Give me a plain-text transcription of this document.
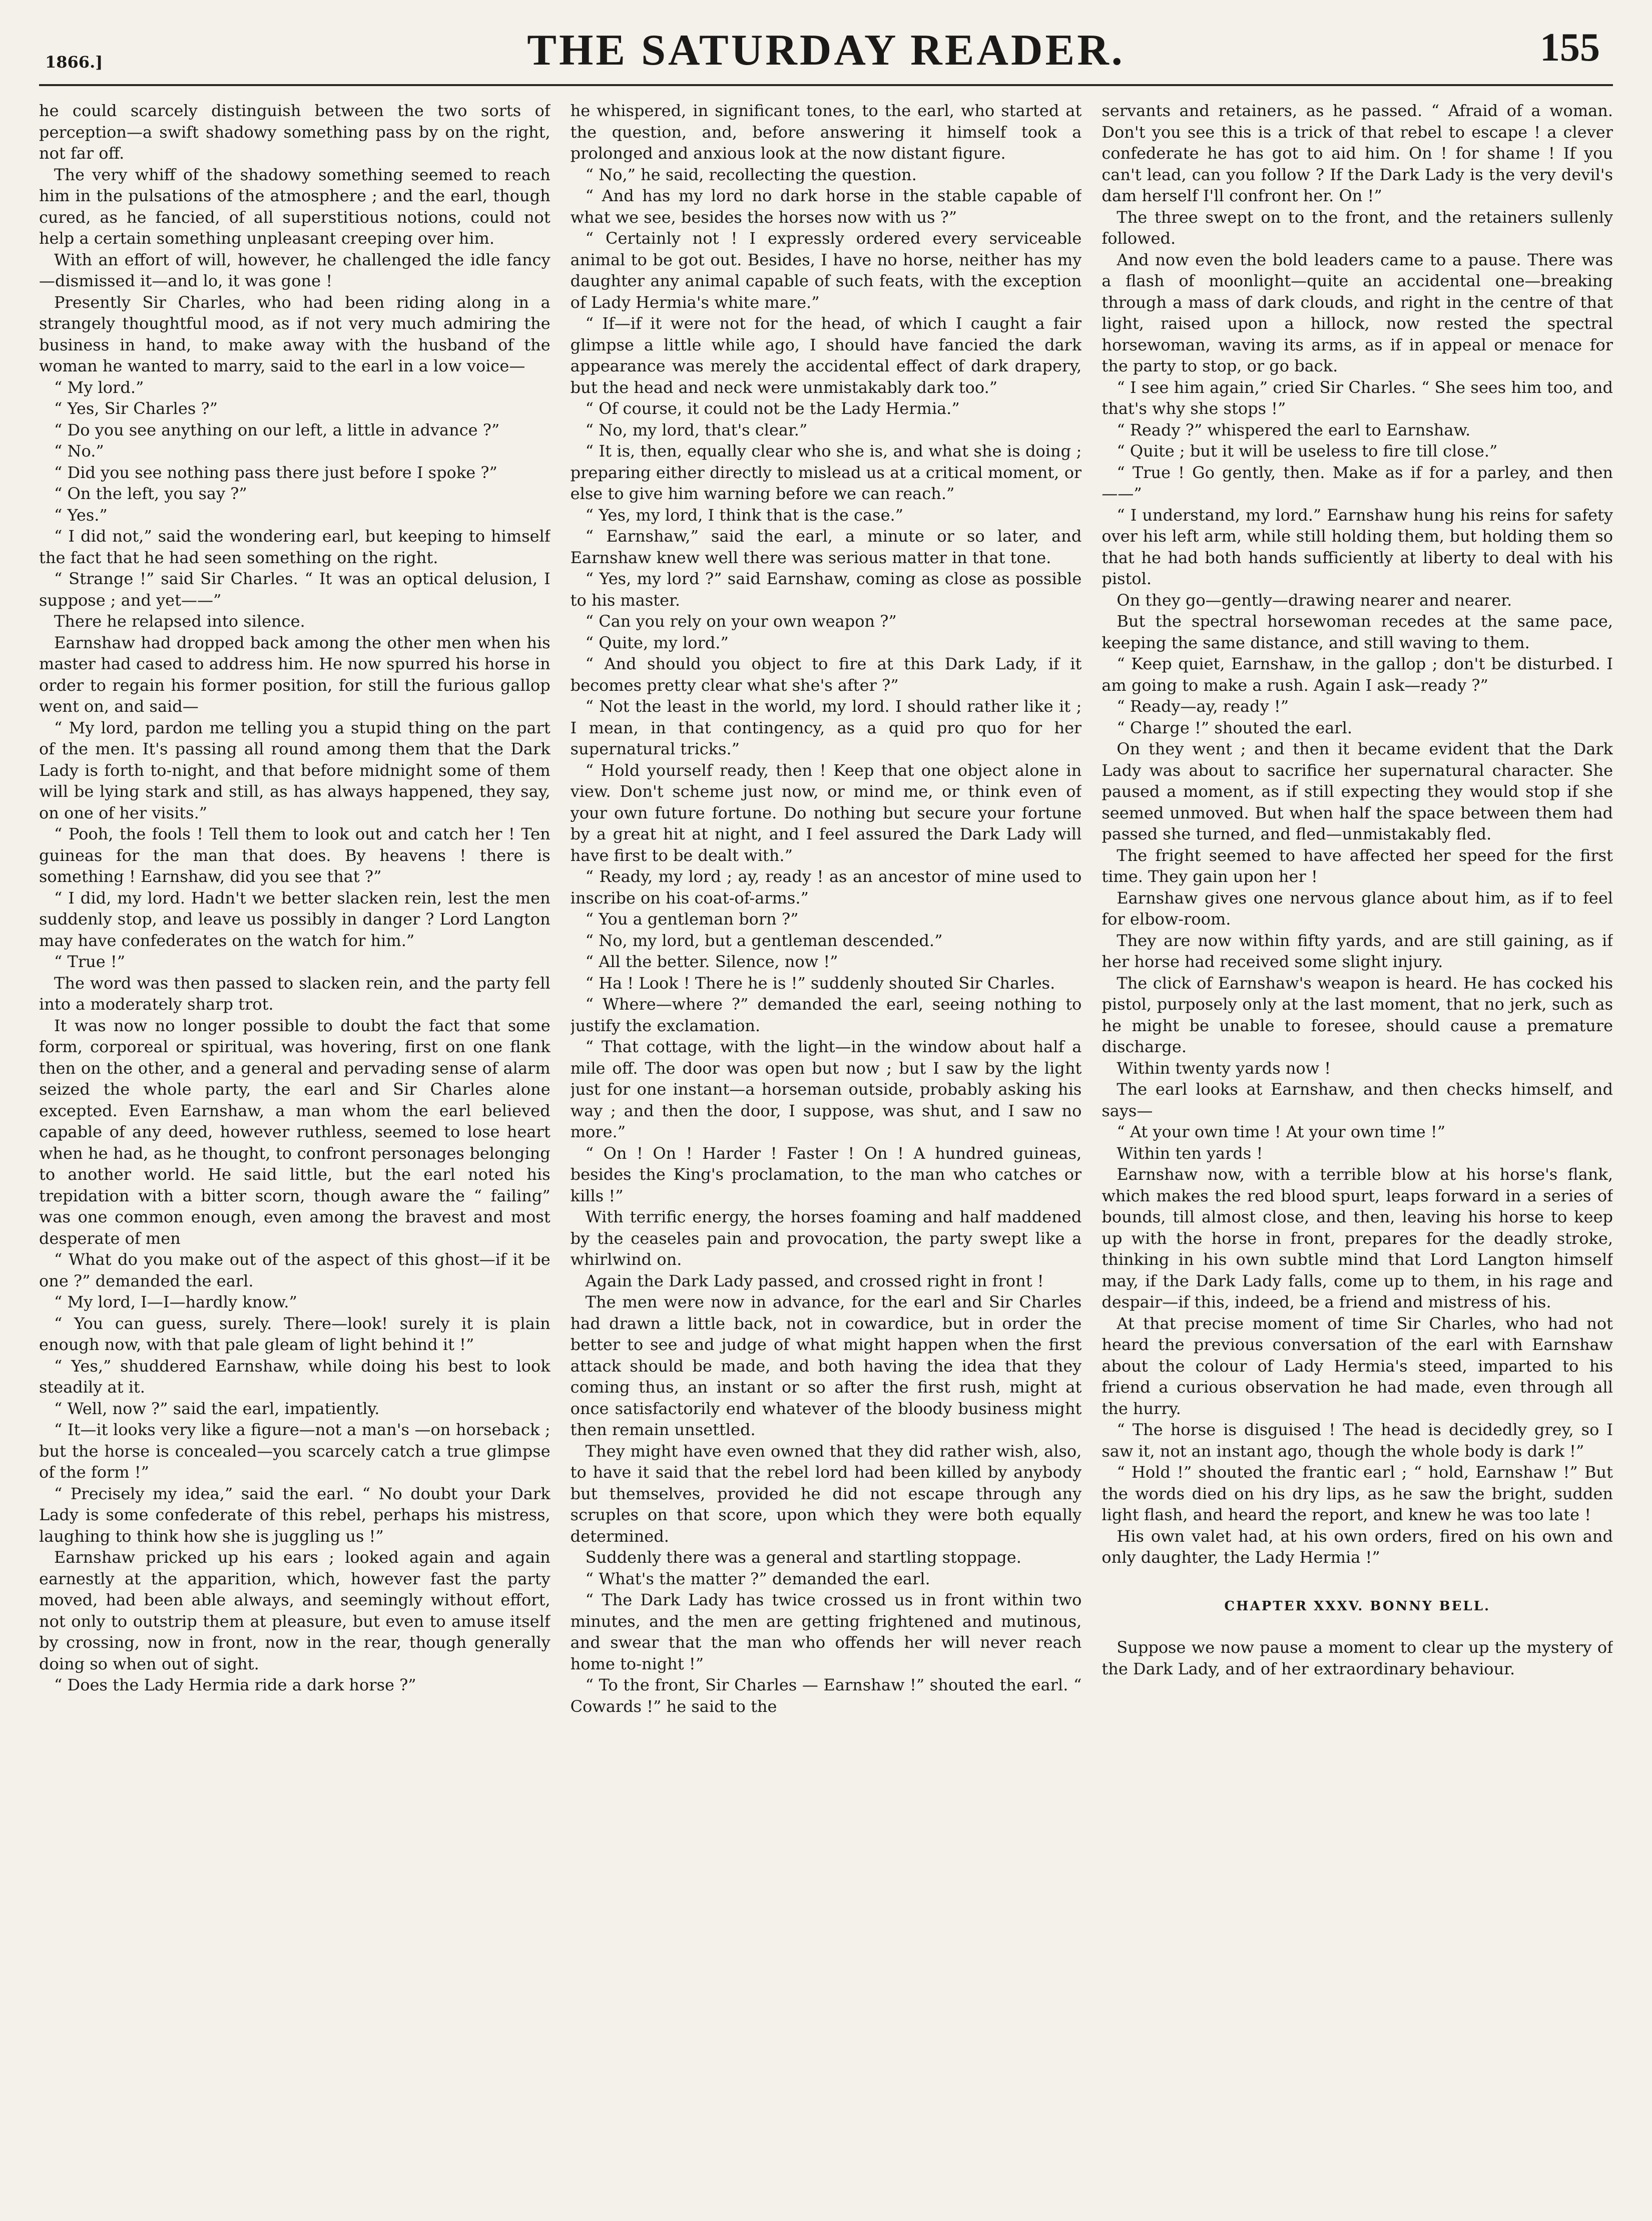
1866.]	THE SATURDAY READER.	155

he could scarcely distinguish between the two sorts of perception—a swift shadowy something pass by on the right, not far off.

The very whiff of the shadowy something seemed to reach him in the pulsations of the atmosphere ; and the earl, though cured, as he fancied, of all superstitious notions, could not help a certain something unpleasant creeping over him.

With an effort of will, however, he challenged the idle fancy—dismissed it—and lo, it was gone !

Presently Sir Charles, who had been riding along in a strangely thoughtful mood, as if not very much admiring the business in hand, to make away with the husband of the woman he wanted to marry, said to the earl in a low voice—

“ My lord.”

“ Yes, Sir Charles ?”

“ Do you see anything on our left, a little in advance ?”

“ No.”

“ Did you see nothing pass there just before I spoke ?”

“ On the left, you say ?”

“ Yes.”

“ I did not,” said the wondering earl, but keeping to himself the fact that he had seen something on the right.

“ Strange !” said Sir Charles. “ It was an optical delusion, I suppose ; and yet——”

There he relapsed into silence.

Earnshaw had dropped back among the other men when his master had cased to address him. He now spurred his horse in order to regain his former position, for still the furious gallop went on, and said—

“ My lord, pardon me telling you a stupid thing on the part of the men. It's passing all round among them that the Dark Lady is forth to-night, and that before midnight some of them will be lying stark and still, as has always happened, they say, on one of her visits.”

“ Pooh, the fools ! Tell them to look out and catch her ! Ten guineas for the man that does. By heavens ! there is something ! Earnshaw, did you see that ?”

“ I did, my lord. Hadn't we better slacken rein, lest the men suddenly stop, and leave us possibly in danger ? Lord Langton may have confederates on the watch for him.”

“ True !”

The word was then passed to slacken rein, and the party fell into a moderately sharp trot.

It was now no longer possible to doubt the fact that some form, corporeal or spiritual, was hovering, first on one flank then on the other, and a general and pervading sense of alarm seized the whole party, the earl and Sir Charles alone excepted. Even Earnshaw, a man whom the earl believed capable of any deed, however ruthless, seemed to lose heart when he had, as he thought, to confront personages belonging to another world. He said little, but the earl noted his trepidation with a bitter scorn, though aware the “ failing” was one common enough, even among the bravest and most desperate of men

“ What do you make out of the aspect of this ghost—if it be one ?” demanded the earl.

“ My lord, I—I—hardly know.”

“ You can guess, surely. There—look! surely it is plain enough now, with that pale gleam of light behind it !”

“ Yes,” shuddered Earnshaw, while doing his best to look steadily at it.

“ Well, now ?” said the earl, impatiently.

“ It—it looks very like a figure—not a man's —on horseback ; but the horse is concealed—you scarcely catch a true glimpse of the form !”

“ Precisely my idea,” said the earl. “ No doubt your Dark Lady is some confederate of this rebel, perhaps his mistress, laughing to think how she is juggling us !”

Earnshaw pricked up his ears ; looked again and again earnestly at the apparition, which, however fast the party moved, had been able always, and seemingly without effort, not only to outstrip them at pleasure, but even to amuse itself by crossing, now in front, now in the rear, though generally doing so when out of sight.

“ Does the Lady Hermia ride a dark horse ?”

he whispered, in significant tones, to the earl, who started at the question, and, before answering it himself took a prolonged and anxious look at the now distant figure.

“ No,” he said, recollecting the question.

“ And has my lord no dark horse in the stable capable of what we see, besides the horses now with us ?”

“ Certainly not ! I expressly ordered every serviceable animal to be got out. Besides, I have no horse, neither has my daughter any animal capable of such feats, with the exception of Lady Hermia's white mare.”

“ If—if it were not for the head, of which I caught a fair glimpse a little while ago, I should have fancied the dark appearance was merely the accidental effect of dark drapery, but the head and neck were unmistakably dark too.”

“ Of course, it could not be the Lady Hermia.”

“ No, my lord, that's clear.”

“ It is, then, equally clear who she is, and what she is doing ; preparing either directly to mislead us at a critical moment, or else to give him warning before we can reach.”

“ Yes, my lord, I think that is the case.”

“ Earnshaw,” said the earl, a minute or so later, and Earnshaw knew well there was serious matter in that tone.

“ Yes, my lord ?” said Earnshaw, coming as close as possible to his master.

“ Can you rely on your own weapon ?”

“ Quite, my lord.”

“ And should you object to fire at this Dark Lady, if it becomes pretty clear what she's after ?”

“ Not the least in the world, my lord. I should rather like it ; I mean, in that contingency, as a quid pro quo for her supernatural tricks.”

“ Hold yourself ready, then ! Keep that one object alone in view. Don't scheme just now, or mind me, or think even of your own future fortune. Do nothing but secure your fortune by a great hit at night, and I feel assured the Dark Lady will have first to be dealt with.”

“ Ready, my lord ; ay, ready ! as an ancestor of mine used to inscribe on his coat-of-arms.”

“ You a gentleman born ?”

“ No, my lord, but a gentleman descended.”

“ All the better. Silence, now !”

“ Ha ! Look ! There he is !” suddenly shouted Sir Charles.

“ Where—where ?” demanded the earl, seeing nothing to justify the exclamation.

“ That cottage, with the light—in the window about half a mile off. The door was open but now ; but I saw by the light just for one instant—a horseman outside, probably asking his way ; and then the door, I suppose, was shut, and I saw no more.”

“ On ! On ! Harder ! Faster ! On ! A hundred guineas, besides the King's proclamation, to the man who catches or kills !”

With terrific energy, the horses foaming and half maddened by the ceaseles pain and provocation, the party swept like a whirlwind on.

Again the Dark Lady passed, and crossed right in front !

The men were now in advance, for the earl and Sir Charles had drawn a little back, not in cowardice, but in order the better to see and judge of what might happen when the first attack should be made, and both having the idea that they coming thus, an instant or so after the first rush, might at once satisfactorily end whatever of the bloody business might then remain unsettled.

They might have even owned that they did rather wish, also, to have it said that the rebel lord had been killed by anybody but themselves, provided he did not escape through any scruples on that score, upon which they were both equally determined.

Suddenly there was a general and startling stoppage.

“ What's the matter ?” demanded the earl.

“ The Dark Lady has twice crossed us in front within two minutes, and the men are getting frightened and mutinous, and swear that the man who offends her will never reach home to-night !”

“ To the front, Sir Charles — Earnshaw !” shouted the earl. “ Cowards !” he said to the

servants and retainers, as he passed. “ Afraid of a woman. Don't you see this is a trick of that rebel to escape ! a clever confederate he has got to aid him. On ! for shame ! If you can't lead, can you follow ? If the Dark Lady is the very devil's dam herself I'll confront her. On !”

The three swept on to the front, and the retainers sullenly followed.

And now even the bold leaders came to a pause. There was a flash of moonlight—quite an accidental one—breaking through a mass of dark clouds, and right in the centre of that light, raised upon a hillock, now rested the spectral horsewoman, waving its arms, as if in appeal or menace for the party to stop, or go back.

“ I see him again,” cried Sir Charles. “ She sees him too, and that's why she stops !”

“ Ready ?” whispered the earl to Earnshaw.

“ Quite ; but it will be useless to fire till close.”

“ True ! Go gently, then. Make as if for a parley, and then——”

“ I understand, my lord.” Earnshaw hung his reins for safety over his left arm, while still holding them, but holding them so that he had both hands sufficiently at liberty to deal with his pistol.

On they go—gently—drawing nearer and nearer.

But the spectral horsewoman recedes at the same pace, keeping the same distance, and still waving to them.

“ Keep quiet, Earnshaw, in the gallop ; don't be disturbed. I am going to make a rush. Again I ask—ready ?”

“ Ready—ay, ready !”

“ Charge !” shouted the earl.

On they went ; and then it became evident that the Dark Lady was about to sacrifice her supernatural character. She paused a moment, as if still expecting they would stop if she seemed unmoved. But when half the space between them had passed she turned, and fled—unmistakably fled.

The fright seemed to have affected her speed for the first time. They gain upon her !

Earnshaw gives one nervous glance about him, as if to feel for elbow-room.

They are now within fifty yards, and are still gaining, as if her horse had received some slight injury.

The click of Earnshaw's weapon is heard. He has cocked his pistol, purposely only at the last moment, that no jerk, such as he might be unable to foresee, should cause a premature discharge.

Within twenty yards now !

The earl looks at Earnshaw, and then checks himself, and says—

“ At your own time ! At your own time !”

Within ten yards !

Earnshaw now, with a terrible blow at his horse's flank, which makes the red blood spurt, leaps forward in a series of bounds, till almost close, and then, leaving his horse to keep up with the horse in front, prepares for the deadly stroke, thinking in his own subtle mind that Lord Langton himself may, if the Dark Lady falls, come up to them, in his rage and despair—if this, indeed, be a friend and mistress of his.

At that precise moment of time Sir Charles, who had not heard the previous conversation of the earl with Earnshaw about the colour of Lady Hermia's steed, imparted to his friend a curious observation he had made, even through all the hurry.

“ The horse is disguised ! The head is decidedly grey, so I saw it, not an instant ago, though the whole body is dark !”

“ Hold !” shouted the frantic earl ; “ hold, Earnshaw !” But the words died on his dry lips, as he saw the bright, sudden light flash, and heard the report, and knew he was too late !

His own valet had, at his own orders, fired on his own and only daughter, the Lady Hermia !”

CHAPTER XXXV. BONNY BELL.

Suppose we now pause a moment to clear up the mystery of the Dark Lady, and of her extraordinary behaviour.
